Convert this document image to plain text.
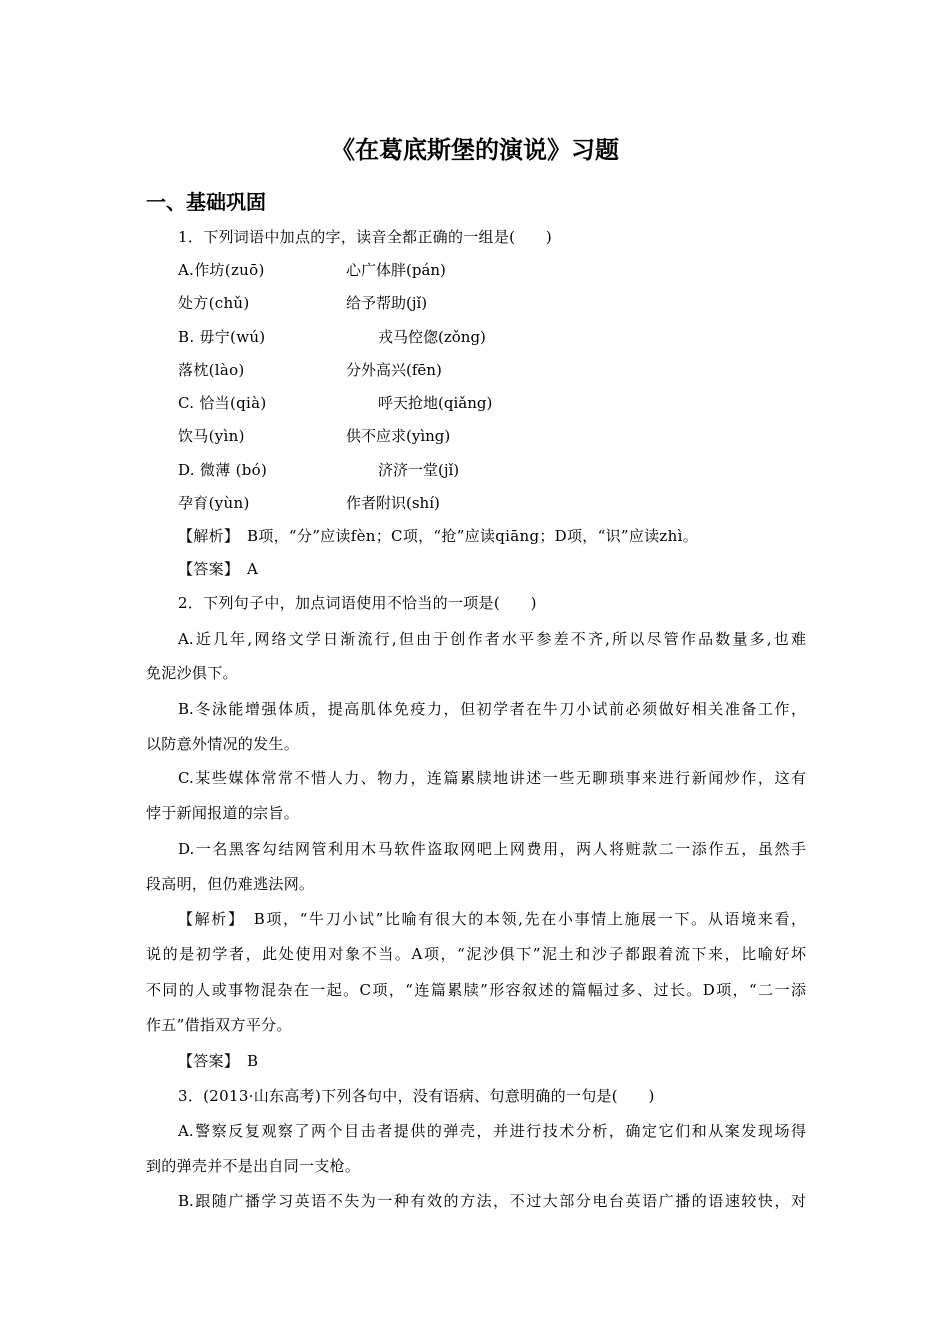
《在葛底斯堡的演说》习题
一、基础巩固
1．下列词语中加点的字，读音全都正确的一组是(　　)
A.作坊(zuō)	心广体胖(pán)
处方(chǔ)	给予帮助(jǐ)
B. 毋宁(wú)	戎马倥偬(zǒng)
落枕(lào)	分外高兴(fēn)
C. 恰当(qià)	呼天抢地(qiǎng)
饮马(yìn)	供不应求(yìng)
D. 微薄 (bó)	济济一堂(jǐ)
孕育(yùn)	作者附识(shí)
【解析】　B项，“分”应读fèn；C项，“抢”应读qiāng；D项，“识”应读zhì。
【答案】　A
2．下列句子中，加点词语使用不恰当的一项是(　　)
A.近几年,网络文学日渐流行,但由于创作者水平参差不齐,所以尽管作品数量多,也难
免泥沙俱下。
B.冬泳能增强体质，提高肌体免疫力，但初学者在牛刀小试前必须做好相关准备工作，
以防意外情况的发生。
C.某些媒体常常不惜人力、物力，连篇累牍地讲述一些无聊琐事来进行新闻炒作，这有
悖于新闻报道的宗旨。
D.一名黑客勾结网管利用木马软件盗取网吧上网费用，两人将赃款二一添作五，虽然手
段高明，但仍难逃法网。
【解析】　B项，“牛刀小试”比喻有很大的本领,先在小事情上施展一下。从语境来看，
说的是初学者，此处使用对象不当。A项，“泥沙俱下”泥土和沙子都跟着流下来，比喻好坏
不同的人或事物混杂在一起。C项，“连篇累牍”形容叙述的篇幅过多、过长。D项，“二一添
作五”借指双方平分。
【答案】　B
3．(2013·山东高考)下列各句中，没有语病、句意明确的一句是(　　)
A.警察反复观察了两个目击者提供的弹壳，并进行技术分析，确定它们和从案发现场得
到的弹壳并不是出自同一支枪。
B.跟随广播学习英语不失为一种有效的方法，不过大部分电台英语广播的语速较快，对
